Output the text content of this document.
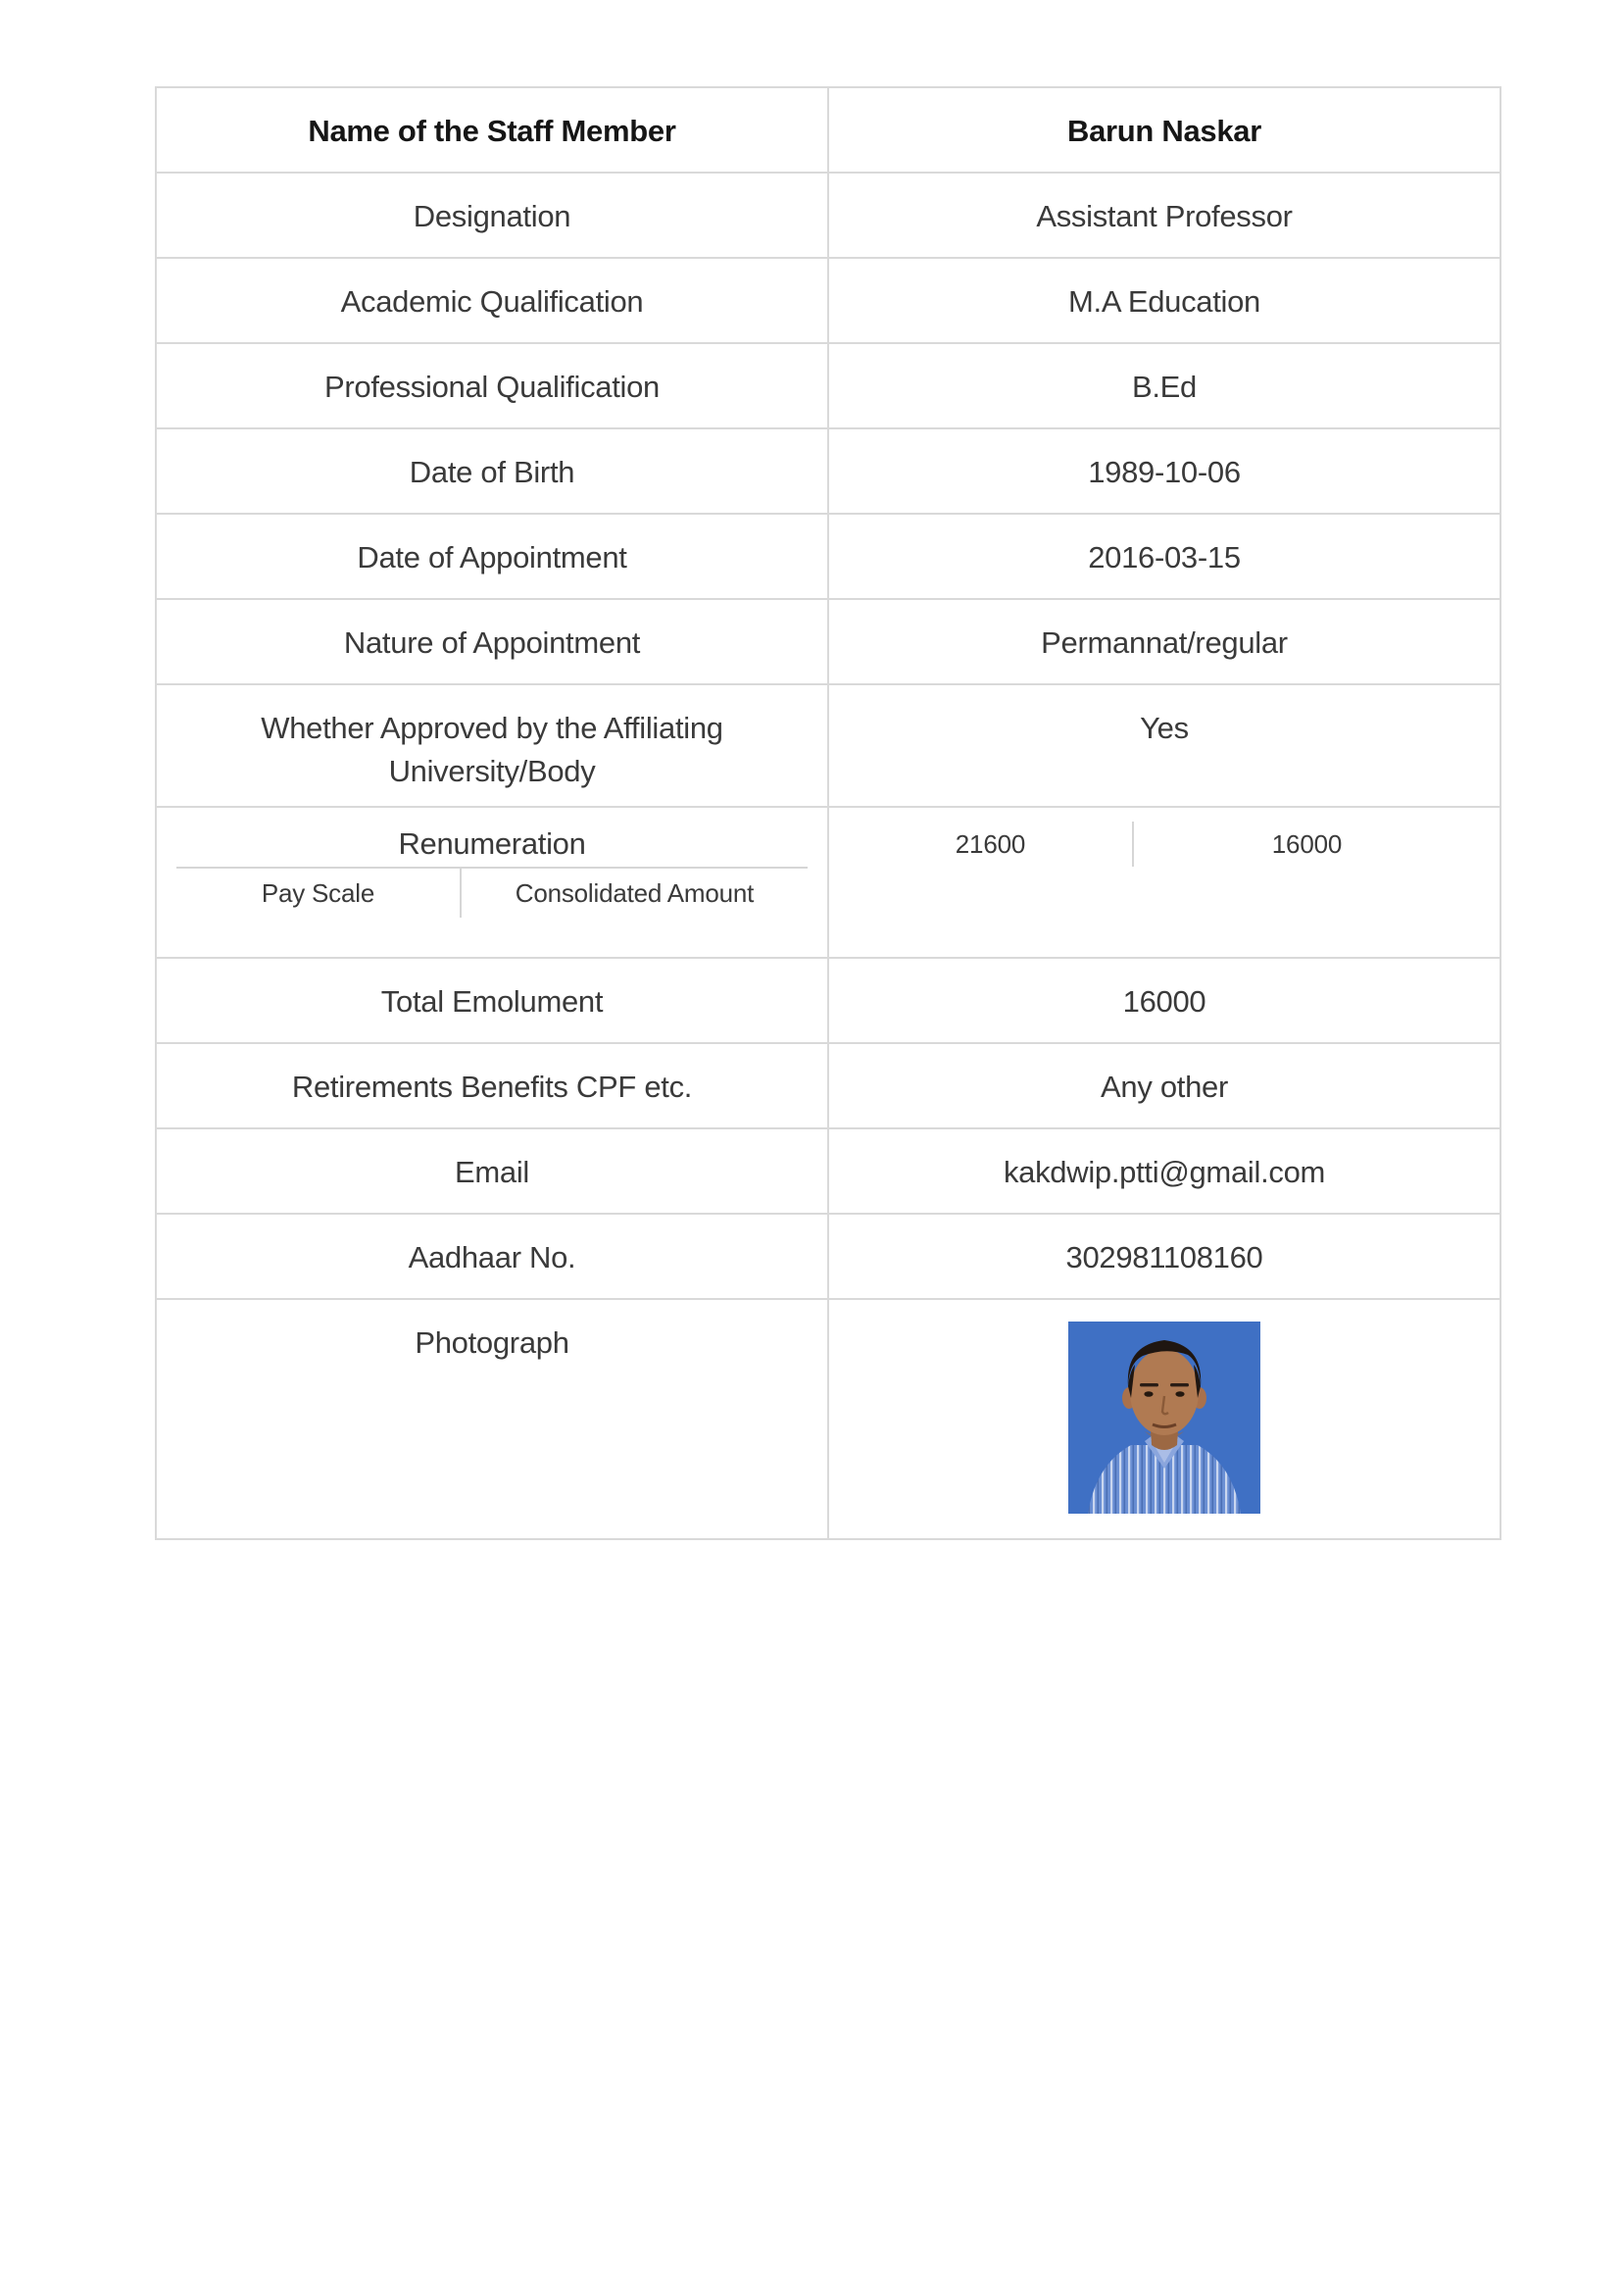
Name of the Staff Member	Barun Naskar
Designation	Assistant Professor
Academic Qualification	M.A Education
Professional Qualification	B.Ed
Date of Birth	1989-10-06
Date of Appointment	2016-03-15
Nature of Appointment	Permannat/regular
Whether Approved by the Affiliating University/Body	Yes

Renumeration
Pay Scale	Consolidated Amount

21600	16000

Total Emolument	16000
Retirements Benefits CPF etc.	Any other
Email	kakdwip.ptti@gmail.com
Aadhaar No.	302981108160
Photograph	
